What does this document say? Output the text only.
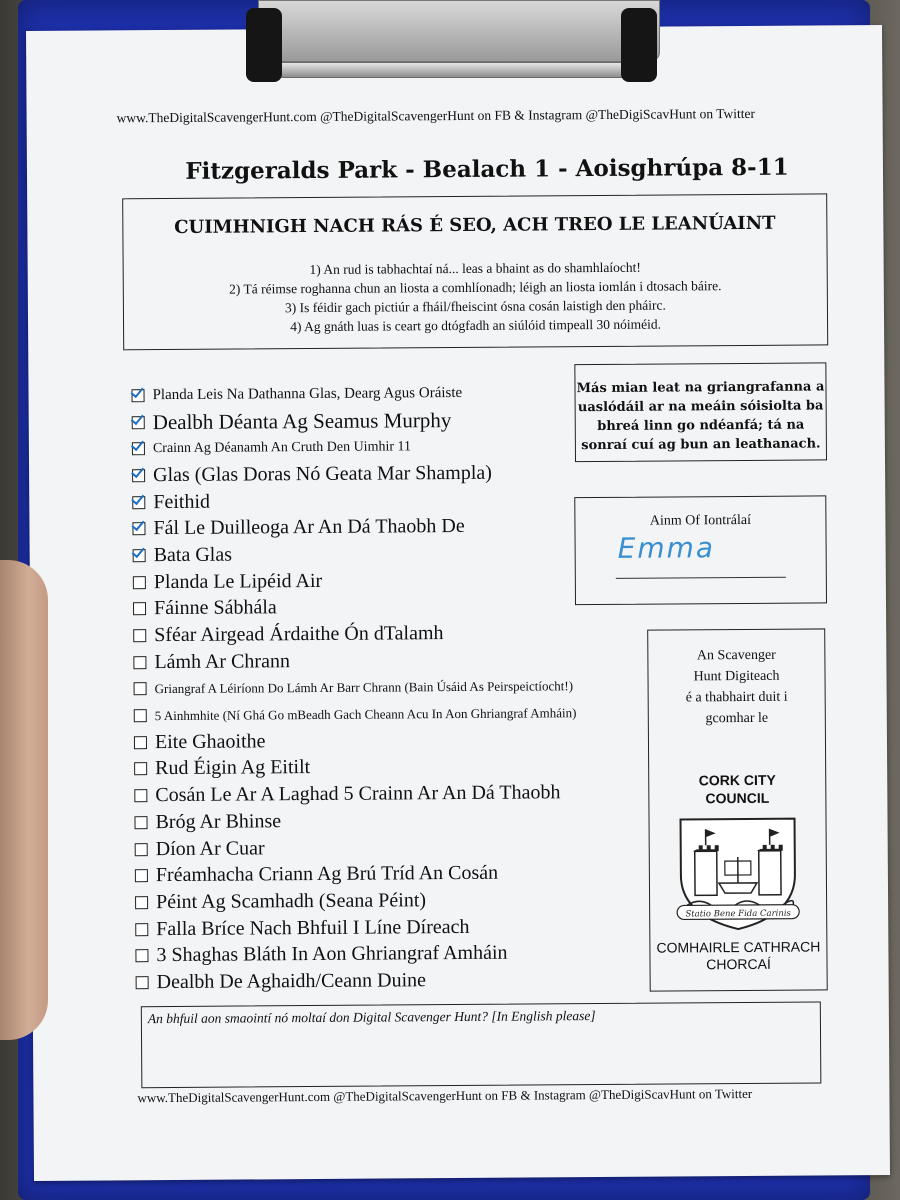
www.TheDigitalScavengerHunt.com @TheDigitalScavengerHunt on FB & Instagram @TheDigiScavHunt on Twitter
Fitzgeralds Park - Bealach 1 - Aoisghrúpa 8-11
CUIMHNIGH NACH RÁS É SEO, ACH TREO LE LEANÚAINT
1) An rud is tabhachtaí ná... leas a bhaint as do shamhlaíocht!
2) Tá réimse roghanna chun an liosta a comhlíonadh; léigh an liosta iomlán i dtosach báire.
3) Is féidir gach pictiúr a fháil/fheiscint ósna cosán laistigh den pháirc.
4) Ag gnáth luas is ceart go dtógfadh an siúlóid timpeall 30 nóiméid.
Planda Leis Na Dathanna Glas, Dearg Agus Oráiste
Dealbh Déanta Ag Seamus Murphy
Crainn Ag Déanamh An Cruth Den Uimhir 11
Glas (Glas Doras Nó Geata Mar Shampla)
Feithid
Fál Le Duilleoga Ar An Dá Thaobh De
Bata Glas
Planda Le Lipéid Air
Fáinne Sábhála
Sféar Airgead Árdaithe Ón dTalamh
Lámh Ar Chrann
Griangraf A Léiríonn Do Lámh Ar Barr Chrann (Bain Úsáid As Peirspeictíocht!)
5 Ainhmhite (Ní Ghá Go mBeadh Gach Cheann Acu In Aon Ghriangraf Amháin)
Eite Ghaoithe
Rud Éigin Ag Eitilt
Cosán Le Ar A Laghad 5 Crainn Ar An Dá Thaobh
Bróg Ar Bhinse
Díon Ar Cuar
Fréamhacha Criann Ag Brú Tríd An Cosán
Péint Ag Scamhadh (Seana Péint)
Falla Bríce Nach Bhfuil I Líne Díreach
3 Shaghas Bláth In Aon Ghriangraf Amháin
Dealbh De Aghaidh/Ceann Duine
Más mian leat na griangrafanna a uaslódáil ar na meáin sóisiolta ba bhreá linn go ndéanfá; tá na sonraí cuí ag bun an leathanach.
Ainm Of Iontrálaí
Emma
An Scavenger
Hunt Digiteach
é a thabhairt duit i
gcomhar le
CORK CITY
COUNCIL
Statio Bene Fida Carinis
COMHAIRLE CATHRACH
CHORCAÍ
An bhfuil aon smaointí nó moltaí don Digital Scavenger Hunt? [In English please]
www.TheDigitalScavengerHunt.com @TheDigitalScavengerHunt on FB & Instagram @TheDigiScavHunt on Twitter
